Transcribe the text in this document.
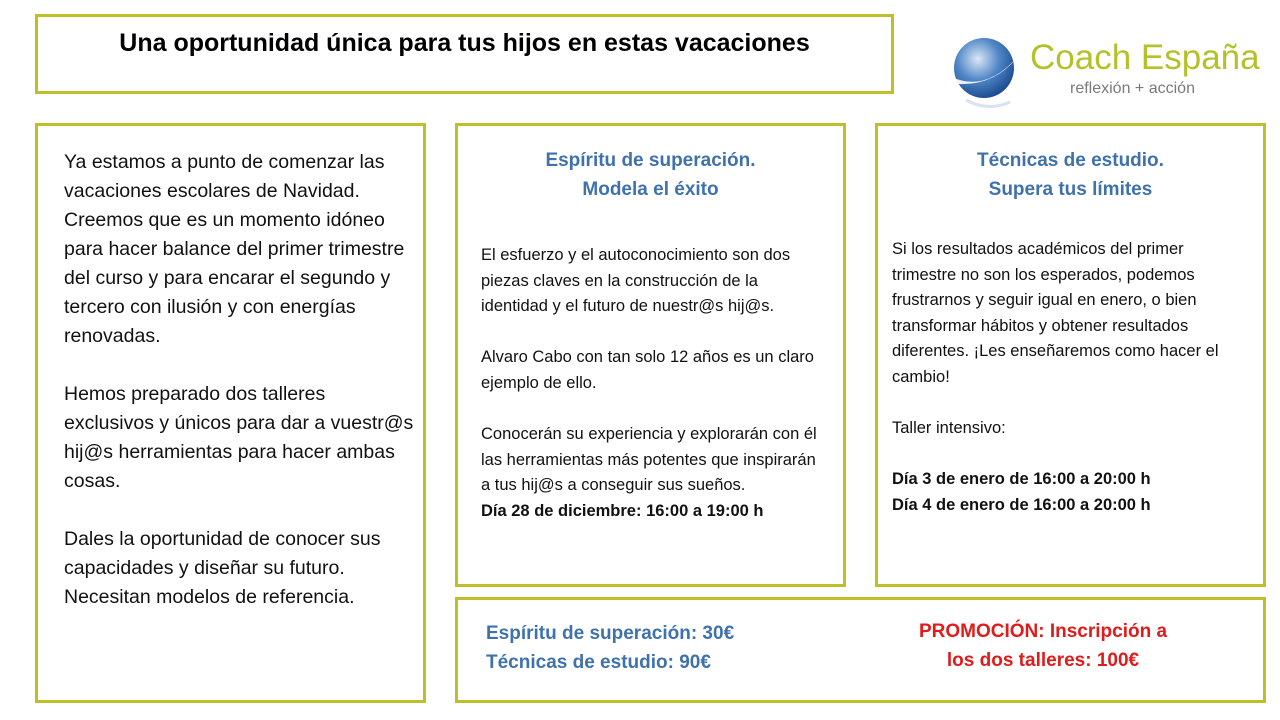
Una oportunidad única para tus hijos en estas vacaciones	Coach España
reflexión + acción

Ya estamos a punto de comenzar las vacaciones escolares de Navidad. Creemos que es un momento idóneo para hacer balance del primer trimestre del curso y para encarar el segundo y tercero con ilusión y con energías renovadas.

Hemos preparado dos talleres exclusivos y únicos para dar a vuestr@s hij@s herramientas para hacer ambas cosas.

Dales la oportunidad de conocer sus capacidades y diseñar su futuro. Necesitan modelos de referencia.

Espíritu de superación.
Modela el éxito

El esfuerzo y el autoconocimiento son dos piezas claves en la construcción de la identidad y el futuro de nuestr@s hij@s.

Alvaro Cabo con tan solo 12 años es un claro ejemplo de ello.

Conocerán su experiencia y explorarán con él las herramientas más potentes que inspirarán a tus hij@s a conseguir sus sueños.

Día 28 de diciembre: 16:00 a 19:00 h

Técnicas de estudio.
Supera tus límites

Si los resultados académicos del primer trimestre no son los esperados, podemos frustrarnos y seguir igual en enero, o bien transformar hábitos y obtener resultados diferentes. ¡Les enseñaremos como hacer el cambio!

Taller intensivo:

Día 3 de enero de 16:00 a 20:00 h

Día 4 de enero de 16:00 a 20:00 h

Espíritu de superación: 30€
Técnicas de estudio: 90€
PROMOCIÓN: Inscripción a
los dos talleres: 100€
